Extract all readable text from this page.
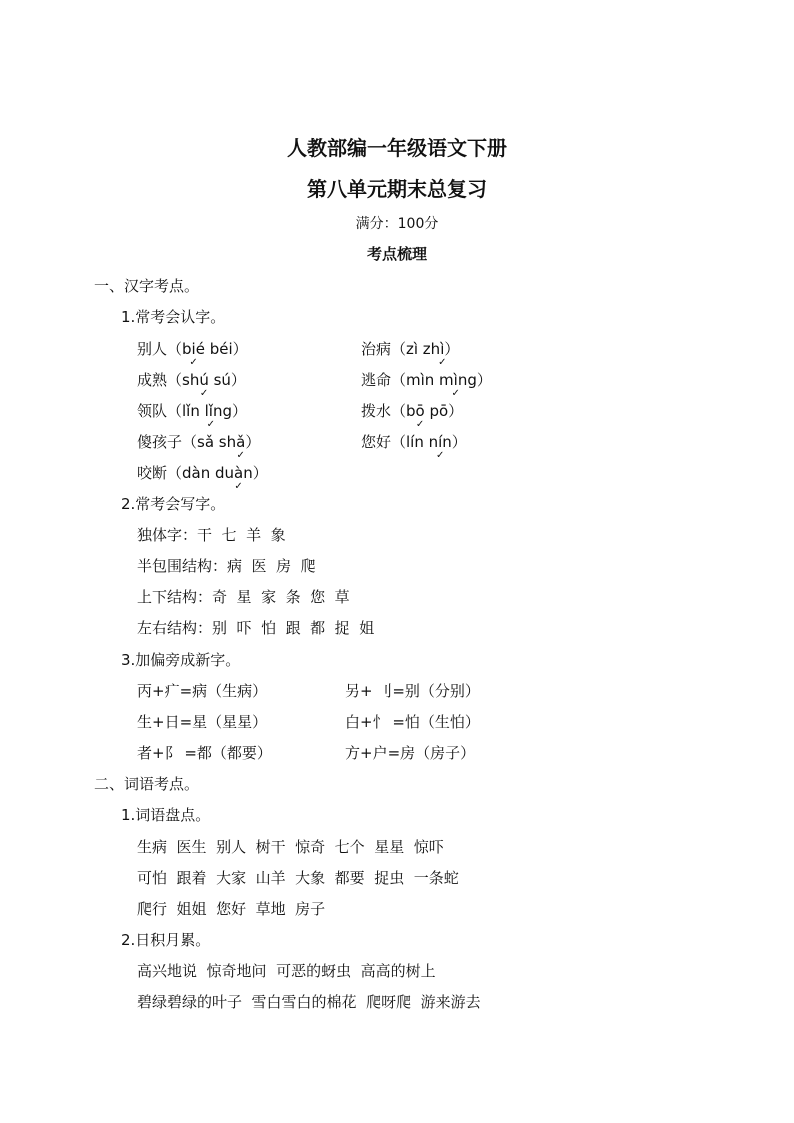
人教部编一年级语文下册
第八单元期末总复习
满分：100分
考点梳理
一、汉字考点。
1.常考会认字。
别人（bi ✓é béi）	治病（zì zhì ✓）
成熟（shú ✓ sú）	逃命（mìn mì ✓ng）
领队（lǐn lǐ ✓ng）	拨水（bō ✓ pō）
傻孩子（sǎ shǎ ✓）	您好（lín ní ✓n）
咬断（dàn duà ✓n）
2.常考会写字。
独体字：干  七  羊  象
半包围结构：病  医  房  爬
上下结构：奇  星  家  条  您  草
左右结构：别  吓  怕  跟  都  捉  姐
3.加偏旁成新字。
丙+疒=病（生病）	另+ 刂=别（分别）
生+日=星（星星）	白+忄 =怕（生怕）
者+阝 =都（都要）	方+户=房（房子）
二、词语考点。
1.词语盘点。
生病  医生  别人  树干  惊奇  七个  星星  惊吓
可怕  跟着  大家  山羊  大象  都要  捉虫  一条蛇
爬行  姐姐  您好  草地  房子
2.日积月累。
高兴地说  惊奇地问  可恶的蚜虫  高高的树上
碧绿碧绿的叶子  雪白雪白的棉花  爬呀爬  游来游去
